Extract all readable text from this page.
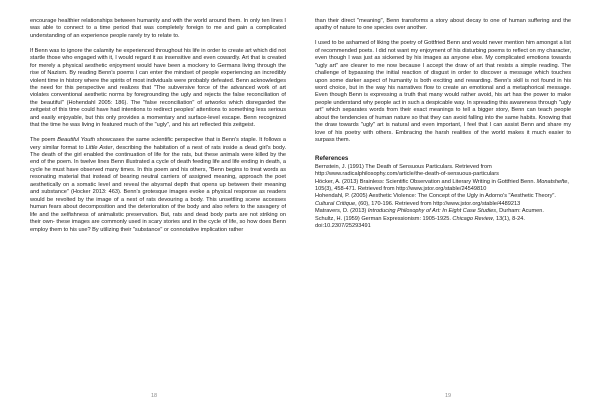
encourage healthier relationships between humanity and with the world around them. In only ten lines I was able to connect to a time period that was completely foreign to me and gain a complicated understanding of an experience people rarely try to relate to.

If Benn was to ignore the calamity he experienced throughout his life in order to create art which did not startle those who engaged with it, I would regard it as insensitive and even cowardly. Art that is created for merely a physical aesthetic enjoyment would have been a mockery to Germans living through the rise of Nazism. By reading Benn's poems I can enter the mindset of people experiencing an incredibly violent time in history where the spirits of most individuals were probably defeated. Benn acknowledges the need for this perspective and realizes that "The subversive force of the advanced work of art violates conventional aesthetic norms by foregrounding the ugly and rejects the false reconciliation of the beautiful" (Hohendahl 2005: 186). The "false reconciliation" of artworks which disregarded the zeitgeist of this time could have had intentions to redirect peoples' attentions to something less serious and easily enjoyable, but this only provides a momentary and surface-level escape. Benn recognized that the time he was living in featured much of the "ugly", and his art reflected this zeitgeist.

The poem Beautiful Youth showcases the same scientific perspective that is Benn's staple. It follows a very similar format to Little Aster, describing the habitation of a nest of rats inside a dead girl's body. The death of the girl enabled the continuation of life for the rats, but these animals were killed by the end of the poem. In twelve lines Benn illustrated a cycle of death feeding life and life ending in death, a cycle he must have observed many times. In this poem and his others, "Benn begins to treat words as resonating material that instead of bearing neutral carriers of assigned meaning, approach the poet aesthetically on a somatic level and reveal the abysmal depth that opens up between their meaning and substance" (Hocker 2013: 463). Benn's grotesque images evoke a physical response as readers would be revolted by the image of a nest of rats devouring a body. This unsettling scene accesses human fears about decomposition and the deterioration of the body and also refers to the savagery of life and the selfishness of animalistic preservation. But, rats and dead body parts are not striking on their own- these images are commonly used in scary stories and in the cycle of life, so how does Benn employ them to his use? By utilizing their "substance" or connotative implication rather

than their direct "meaning", Benn transforms a story about decay to one of human suffering and the apathy of nature to one species over another.

I used to be ashamed of liking the poetry of Gottfried Benn and would never mention him amongst a list of recommended poets. I did not want my enjoyment of his disturbing poems to reflect on my character, even though I was just as sickened by his images as anyone else. My complicated emotions towards "ugly art" are clearer to me now because I accept the draw of art that resists a simple reading. The challenge of bypassing the initial reaction of disgust in order to discover a message which touches upon some darker aspect of humanity is both exciting and rewarding. Benn's skill is not found in his word choice, but in the way his narratives flow to create an emotional and a metaphorical message. Even though Benn is expressing a truth that many would rather avoid, his art has the power to make people understand why people act in such a despicable way. In spreading this awareness through "ugly art" which separates words from their exact meanings to tell a bigger story, Benn can teach people about the tendencies of human nature so that they can avoid falling into the same habits. Knowing that the draw towards "ugly" art is natural and even important, I feel that I can assist Benn and share my love of his poetry with others. Embracing the harsh realities of the world makes it much easier to surpass them.

References

Bernstein, J. (1991) The Death of Sensuous Particulars. Retrieved from http://www.radicalphilosophy.com/article/the-death-of-sensuous-particulars

Höcker, A. (2013) Brainless: Scientific Observation and Literary Writing in Gottfried Benn. Monatshefte, 105(3), 458-471. Retrieved from http://www.jstor.org/stable/24549810

Hohendahl, P. (2005) Aesthetic Violence: The Concept of the Ugly in Adorno's "Aesthetic Theory". Cultural Critique, (60), 170-196. Retrieved from http://www.jstor.org/stable/4489213

Matravers, D. (2013) Introducing Philosophy of Art: In Eight Case Studies, Durham: Acumen.

Schultz, H. (1959) German Expressionism: 1905-1925. Chicago Review, 13(1), 8-24. doi:10.2307/25293491

18	19
